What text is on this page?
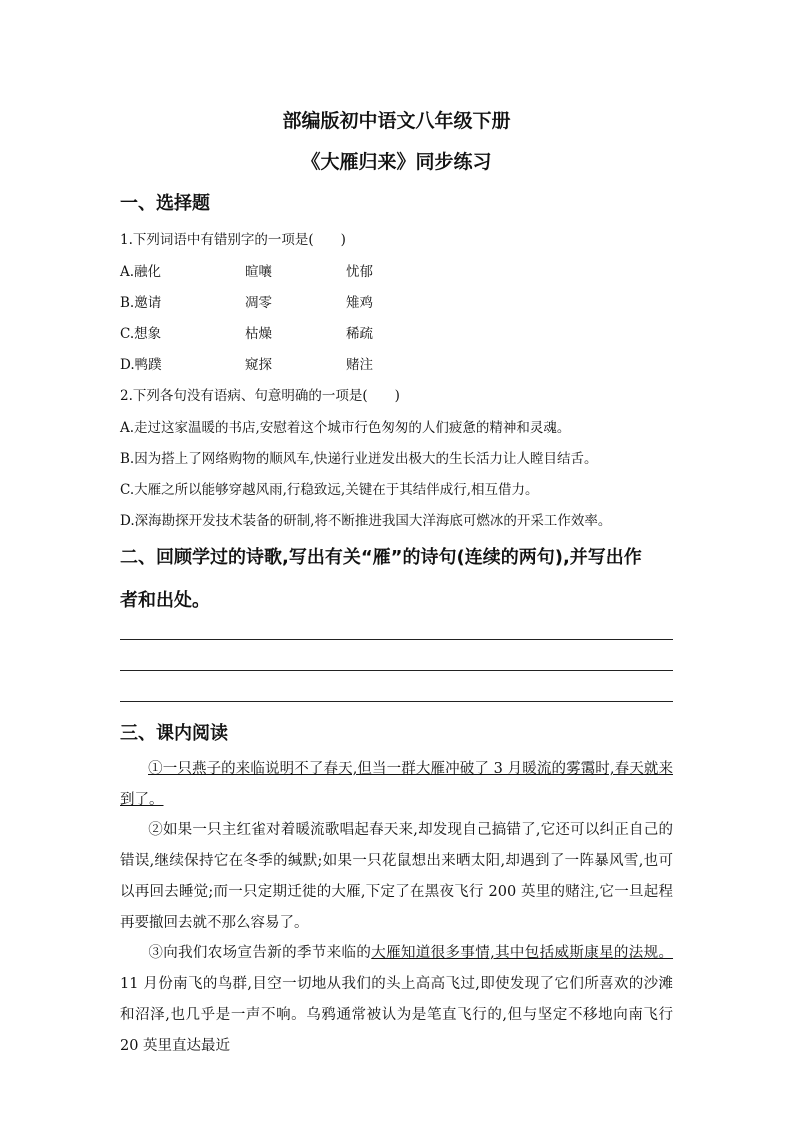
部编版初中语文八年级下册
《大雁归来》同步练习
一、选择题
1.下列词语中有错别字的一项是(　　)
A.融化	暄嚷	忧郁
B.邀请	凋零	雉鸡
C.想象	枯燥	稀疏
D.鸭蹼	窥探	赌注
2.下列各句没有语病、句意明确的一项是(　　)
A.走过这家温暖的书店,安慰着这个城市行色匆匆的人们疲惫的精神和灵魂。
B.因为搭上了网络购物的顺风车,快递行业迸发出极大的生长活力让人瞠目结舌。
C.大雁之所以能够穿越风雨,行稳致远,关键在于其结伴成行,相互借力。
D.深海勘探开发技术装备的研制,将不断推进我国大洋海底可燃冰的开采工作效率。
二、回顾学过的诗歌,写出有关“雁”的诗句(连续的两句),并写出作
者和出处。
三、课内阅读
①一只燕子的来临说明不了春天,但当一群大雁冲破了 3 月暖流的雾霭时,春天就来到了。
②如果一只主红雀对着暖流歌唱起春天来,却发现自己搞错了,它还可以纠正自己的错误,继续保持它在冬季的缄默;如果一只花鼠想出来晒太阳,却遇到了一阵暴风雪,也可以再回去睡觉;而一只定期迁徙的大雁,下定了在黑夜飞行 200 英里的赌注,它一旦起程再要撤回去就不那么容易了。
③向我们农场宣告新的季节来临的大雁知道很多事情,其中包括威斯康星的法规。11 月份南飞的鸟群,目空一切地从我们的头上高高飞过,即使发现了它们所喜欢的沙滩和沼泽,也几乎是一声不响。乌鸦通常被认为是笔直飞行的,但与坚定不移地向南飞行 20 英里直达最近
